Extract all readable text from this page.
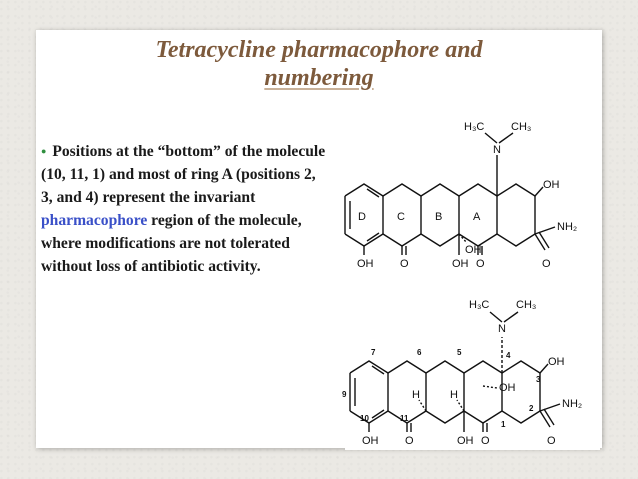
Tetracycline pharmacophore and
numbering
● Positions at the “bottom” of the molecule (10, 11, 1) and most of ring A (positions 2, 3, and 4) represent the invariant pharmacophore region of the molecule, where modifications are not tolerated without loss of antibiotic activity.
H₃C CH₃
N
D	C	B	A
OH
NH₂
OH
OH O	OH O	O
H₃C CH₃
N
H	H
OH
OH
NH₂
OH O	OH O	O
7	6	5	4
3
2
1
11
10
9
